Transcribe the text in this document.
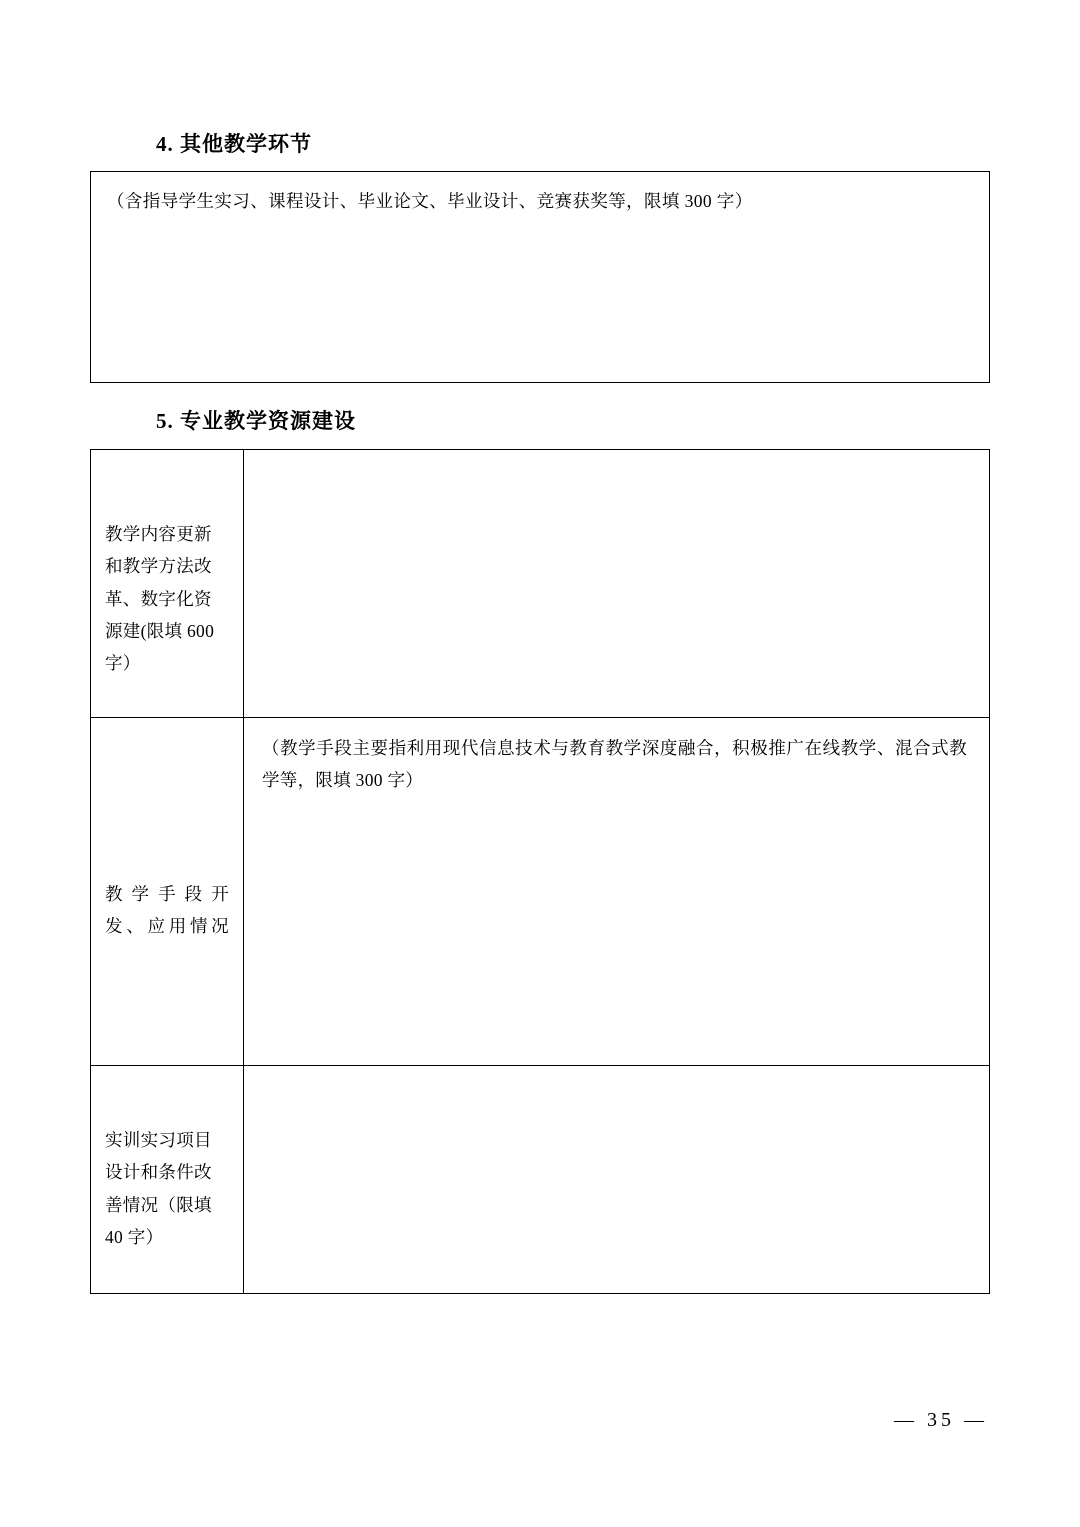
4. 其他教学环节
（含指导学生实习、课程设计、毕业论文、毕业设计、竞赛获奖等，限填 300 字）
5. 专业教学资源建设
教学内容更新和教学方法改革、数字化资源建(限填 600 字）	

教学手段开发、应用情况	（教学手段主要指利用现代信息技术与教育教学深度融合，积极推广在线教学、混合式教学等，限填 300 字）

实训实习项目设计和条件改善情况（限填 40 字）	

— 35 —
